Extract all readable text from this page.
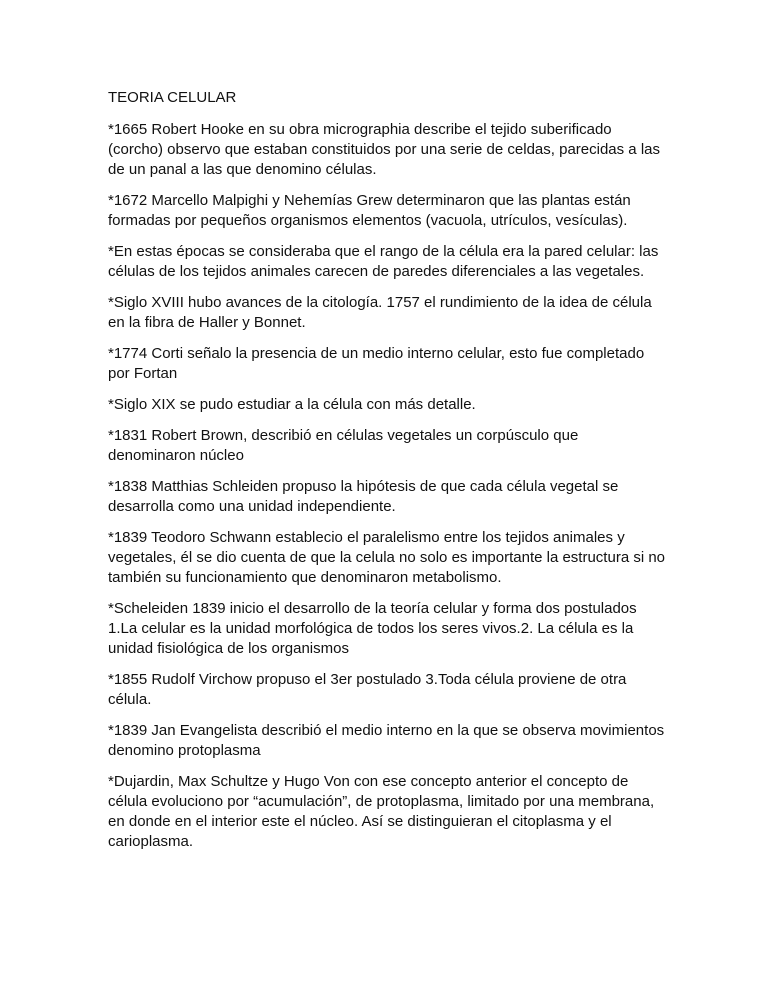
TEORIA CELULAR

*1665 Robert Hooke en su obra micrographia describe el tejido suberificado (corcho) observo que estaban constituidos por una serie de celdas, parecidas a las de un panal a las que denomino células.

*1672 Marcello Malpighi y Nehemías Grew determinaron que las plantas están formadas por pequeños organismos elementos (vacuola, utrículos, vesículas).

*En estas épocas se consideraba que el rango de la célula era la pared celular: las células de los tejidos animales carecen de paredes diferenciales a las vegetales.

*Siglo XVIII hubo avances de la citología. 1757 el rundimiento de la idea de célula en la fibra de Haller y Bonnet.

*1774 Corti señalo la presencia de un medio interno celular, esto fue completado por Fortan

*Siglo XIX se pudo estudiar a la célula con más detalle.

*1831 Robert Brown, describió en células vegetales un corpúsculo que denominaron núcleo

*1838 Matthias Schleiden propuso la hipótesis de que cada célula vegetal se desarrolla como una unidad independiente.

*1839 Teodoro Schwann establecio el paralelismo entre los tejidos animales y vegetales, él se dio cuenta de que la celula no solo es importante la estructura si no también su funcionamiento que denominaron metabolismo.

*Scheleiden 1839 inicio el desarrollo de la teoría celular y forma dos postulados 1.La celular es la unidad morfológica de todos los seres vivos.2. La célula es la unidad fisiológica de los organismos

*1855 Rudolf Virchow propuso el 3er postulado 3.Toda célula proviene de otra célula.

*1839 Jan Evangelista describió el medio interno en la que se observa movimientos denomino protoplasma

*Dujardin, Max Schultze y Hugo Von con ese concepto anterior el concepto de célula evoluciono por “acumulación”, de protoplasma, limitado por una membrana, en donde en el interior este el núcleo. Así se distinguieran el citoplasma y el carioplasma.
